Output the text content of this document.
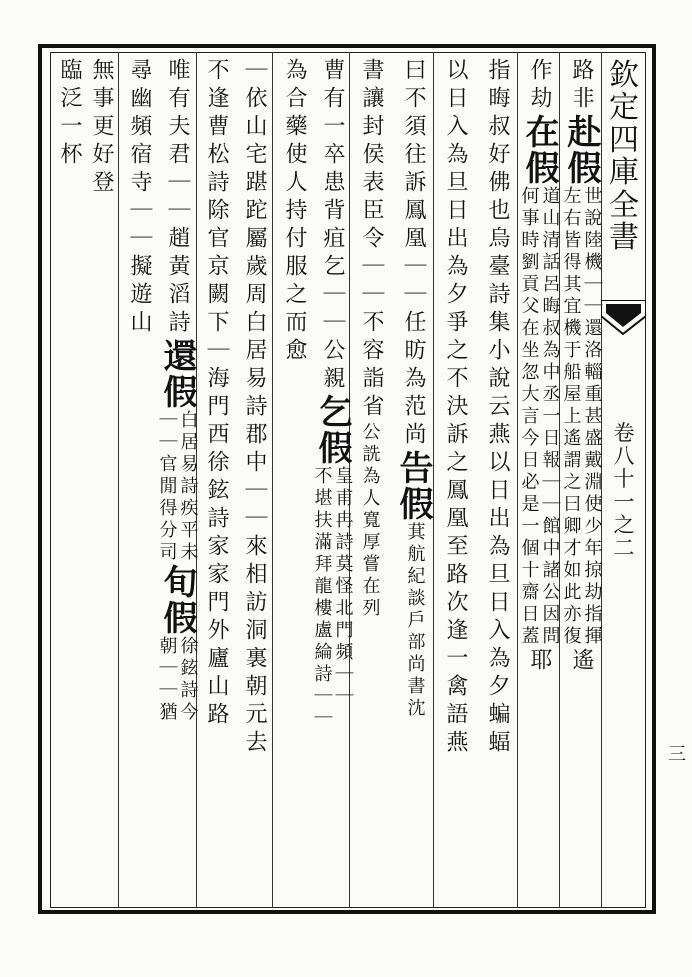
欽
定
四
庫
全
書
卷
八
十
一
之
二
三
路非
赴假
世說陸機｜｜還洛輜重甚盛戴淵使少年掠劫指揮
左右皆得其宜機于船屋上遙謂之曰卿才如此亦復
遙
作劫
在假
道山清話呂晦叔為中丞一日報｜｜館中諸公因問
何事時劉貢父在坐忽大言今日必是一個十齋日蓋
耶
指晦叔好佛也烏臺詩集小說云燕以日出為旦日入為夕蝙蝠
以日入為旦日出為夕爭之不決訴之鳳凰至路次逢一禽語燕
曰不須往訴鳳凰｜｜任昉為范尚
告假
萁航紀談戶部尚書沈
書讓封侯表臣令｜｜不容詣省
公詵為人寬厚嘗在列
曹有一卒患背疽乞｜｜公
親
乞假
皇甫冉詩莫怪北門頻｜｜
不堪扶滿拜龍樓盧綸詩｜｜
為合藥使人持付服之而愈
｜依山宅踸跎屬歲周白居易詩郡中｜｜來相訪洞裏朝元去
不逢曹松詩除官京闕下｜海門西徐鉉詩家家門外廬山路
唯有夫君｜｜趙黃滔詩
還假
白居易詩疾平未
｜｜官閒得分司
旬假
徐鉉詩今
朝｜｜猶
尋幽頻宿寺｜｜擬遊山
無事更好登
臨泛一杯
